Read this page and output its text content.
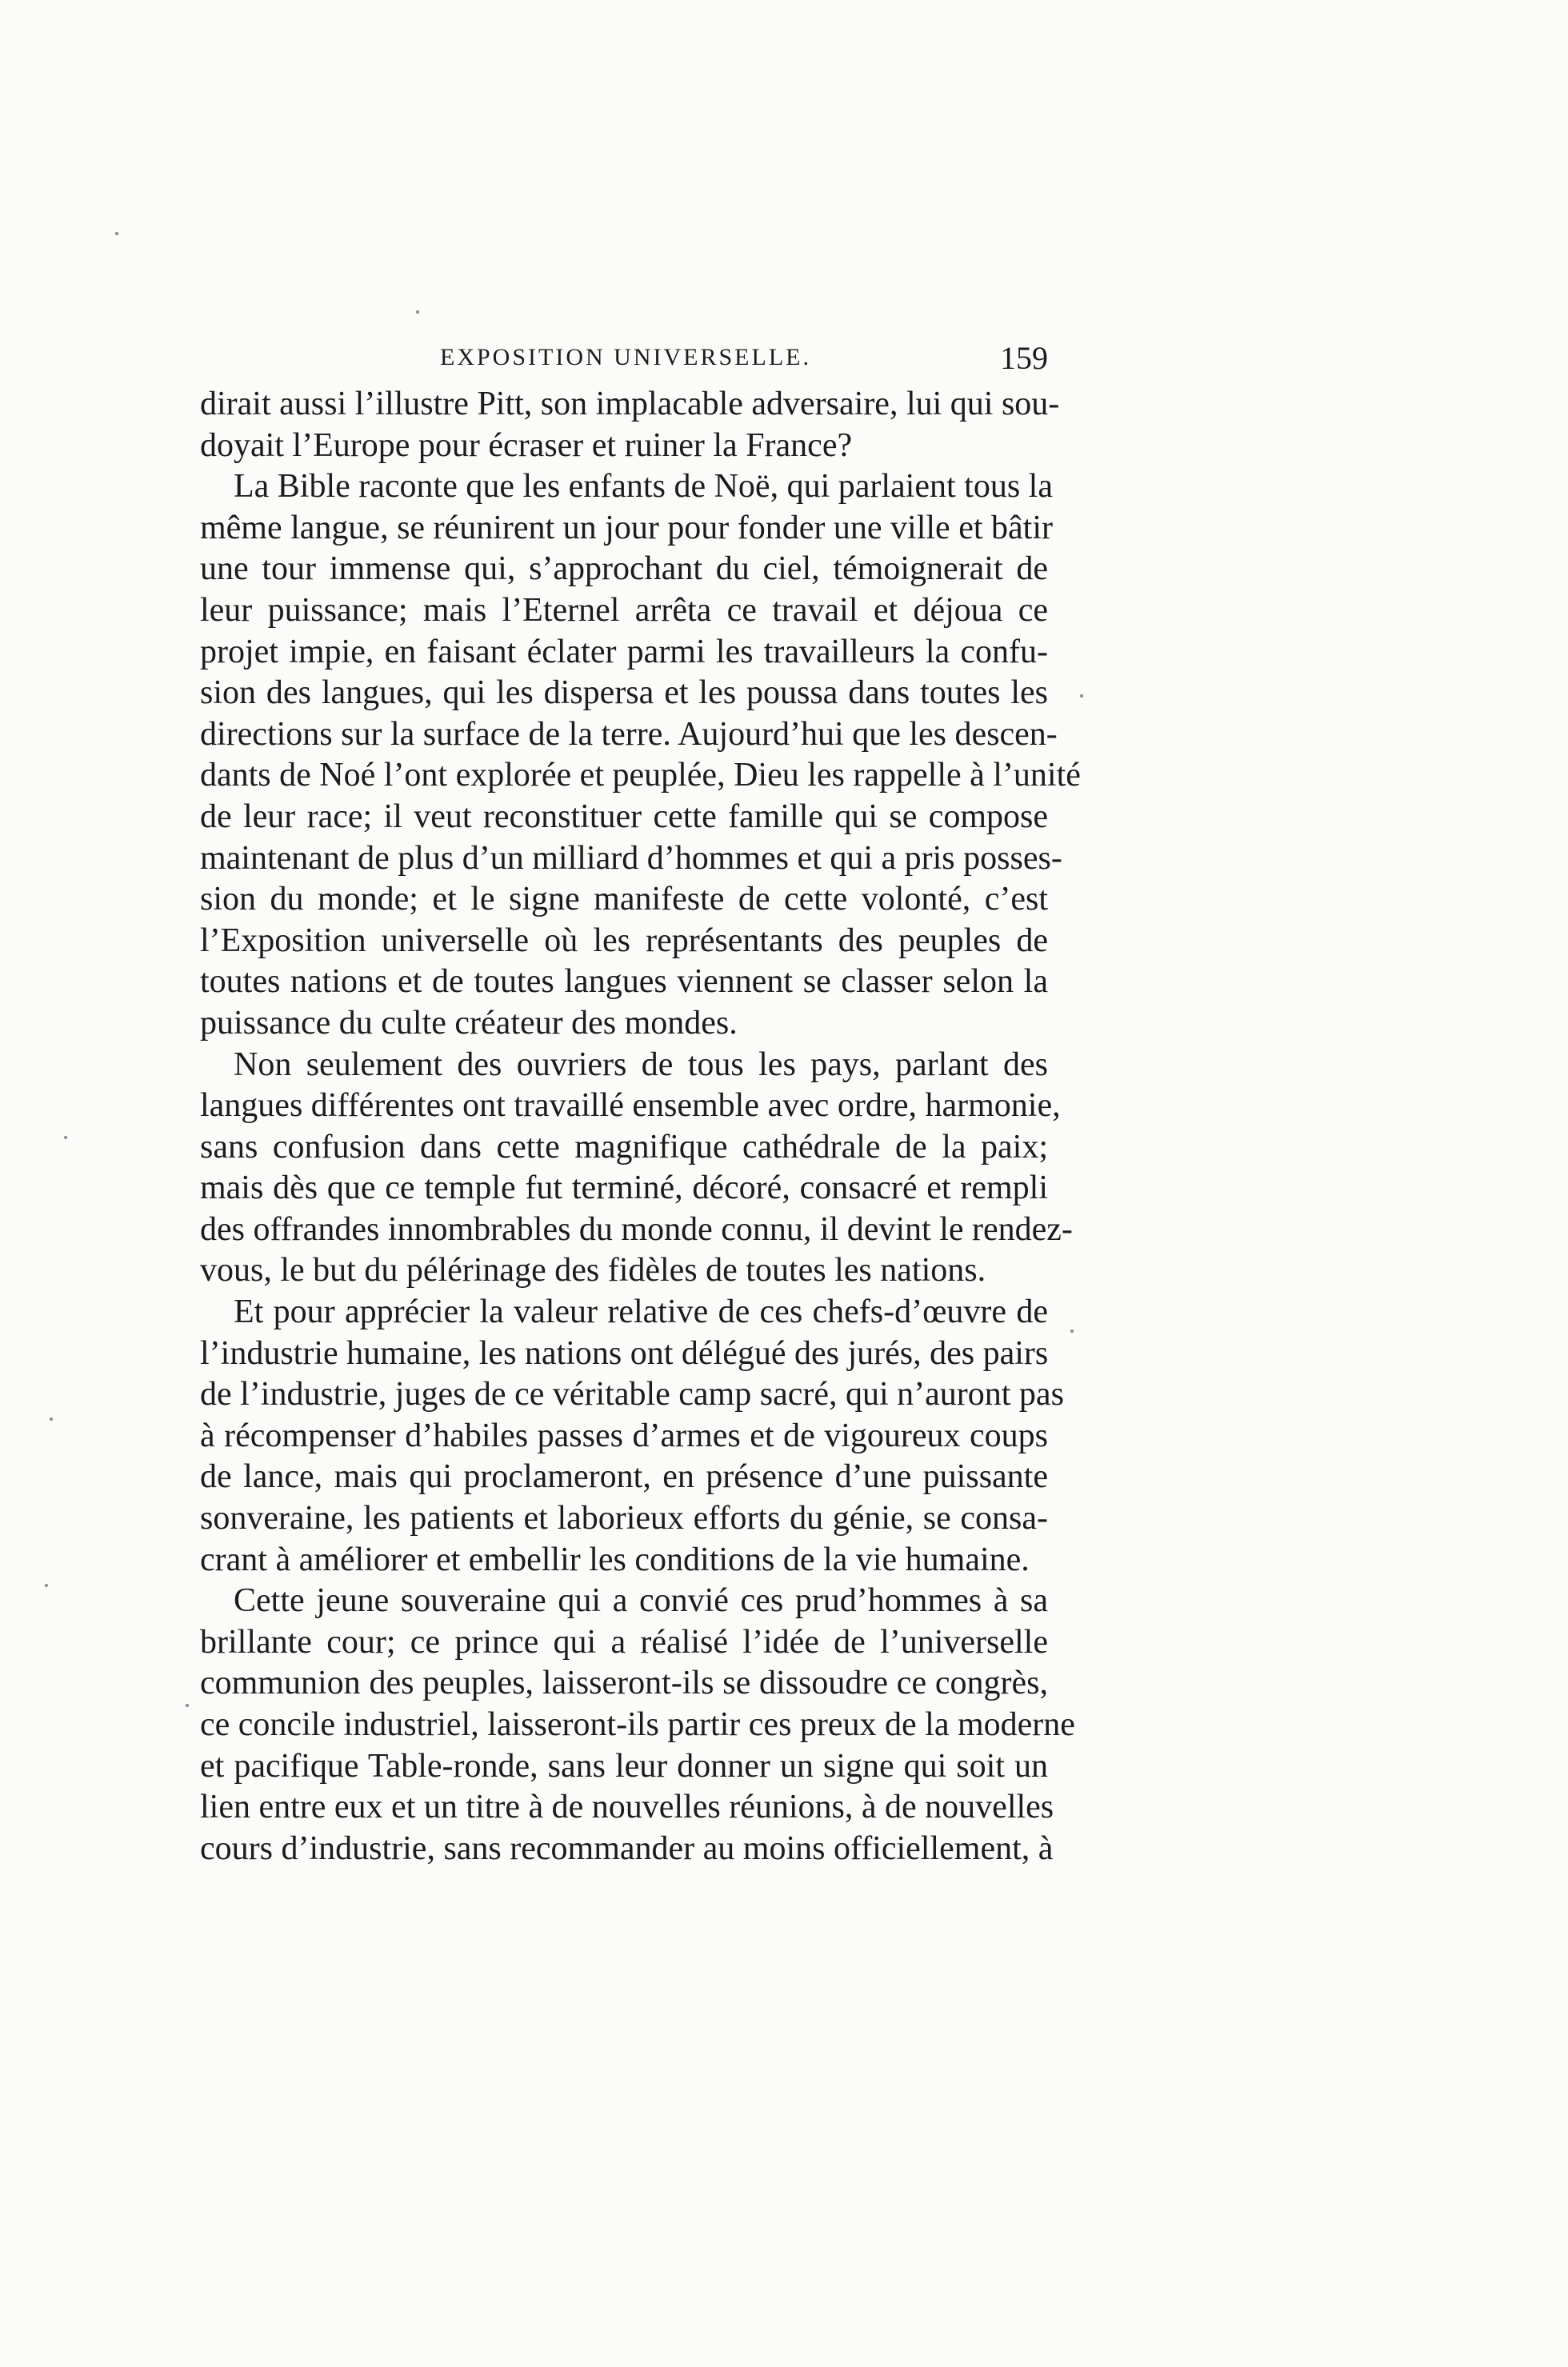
EXPOSITION UNIVERSELLE.	159

dirait aussi l’illustre Pitt, son implacable adversaire, lui qui sou-
doyait l’Europe pour écraser et ruiner la France?

La Bible raconte que les enfants de Noë, qui parlaient tous la
même langue, se réunirent un jour pour fonder une ville et bâtir
une tour immense qui, s’approchant du ciel, témoignerait de
leur puissance; mais l’Eternel arrêta ce travail et déjoua ce
projet impie, en faisant éclater parmi les travailleurs la confu-
sion des langues, qui les dispersa et les poussa dans toutes les
directions sur la surface de la terre. Aujourd’hui que les descen-
dants de Noé l’ont explorée et peuplée, Dieu les rappelle à l’unité
de leur race; il veut reconstituer cette famille qui se compose
maintenant de plus d’un milliard d’hommes et qui a pris posses-
sion du monde; et le signe manifeste de cette volonté, c’est
l’Exposition universelle où les représentants des peuples de
toutes nations et de toutes langues viennent se classer selon la
puissance du culte créateur des mondes.

Non seulement des ouvriers de tous les pays, parlant des
langues différentes ont travaillé ensemble avec ordre, harmonie,
sans confusion dans cette magnifique cathédrale de la paix;
mais dès que ce temple fut terminé, décoré, consacré et rempli
des offrandes innombrables du monde connu, il devint le rendez-
vous, le but du pélérinage des fidèles de toutes les nations.

Et pour apprécier la valeur relative de ces chefs-d’œuvre de
l’industrie humaine, les nations ont délégué des jurés, des pairs
de l’industrie, juges de ce véritable camp sacré, qui n’auront pas
à récompenser d’habiles passes d’armes et de vigoureux coups
de lance, mais qui proclameront, en présence d’une puissante
sonveraine, les patients et laborieux efforts du génie, se consa-
crant à améliorer et embellir les conditions de la vie humaine.

Cette jeune souveraine qui a convié ces prud’hommes à sa
brillante cour; ce prince qui a réalisé l’idée de l’universelle
communion des peuples, laisseront-ils se dissoudre ce congrès,
ce concile industriel, laisseront-ils partir ces preux de la moderne
et pacifique Table-ronde, sans leur donner un signe qui soit un
lien entre eux et un titre à de nouvelles réunions, à de nouvelles
cours d’industrie, sans recommander au moins officiellement, à
